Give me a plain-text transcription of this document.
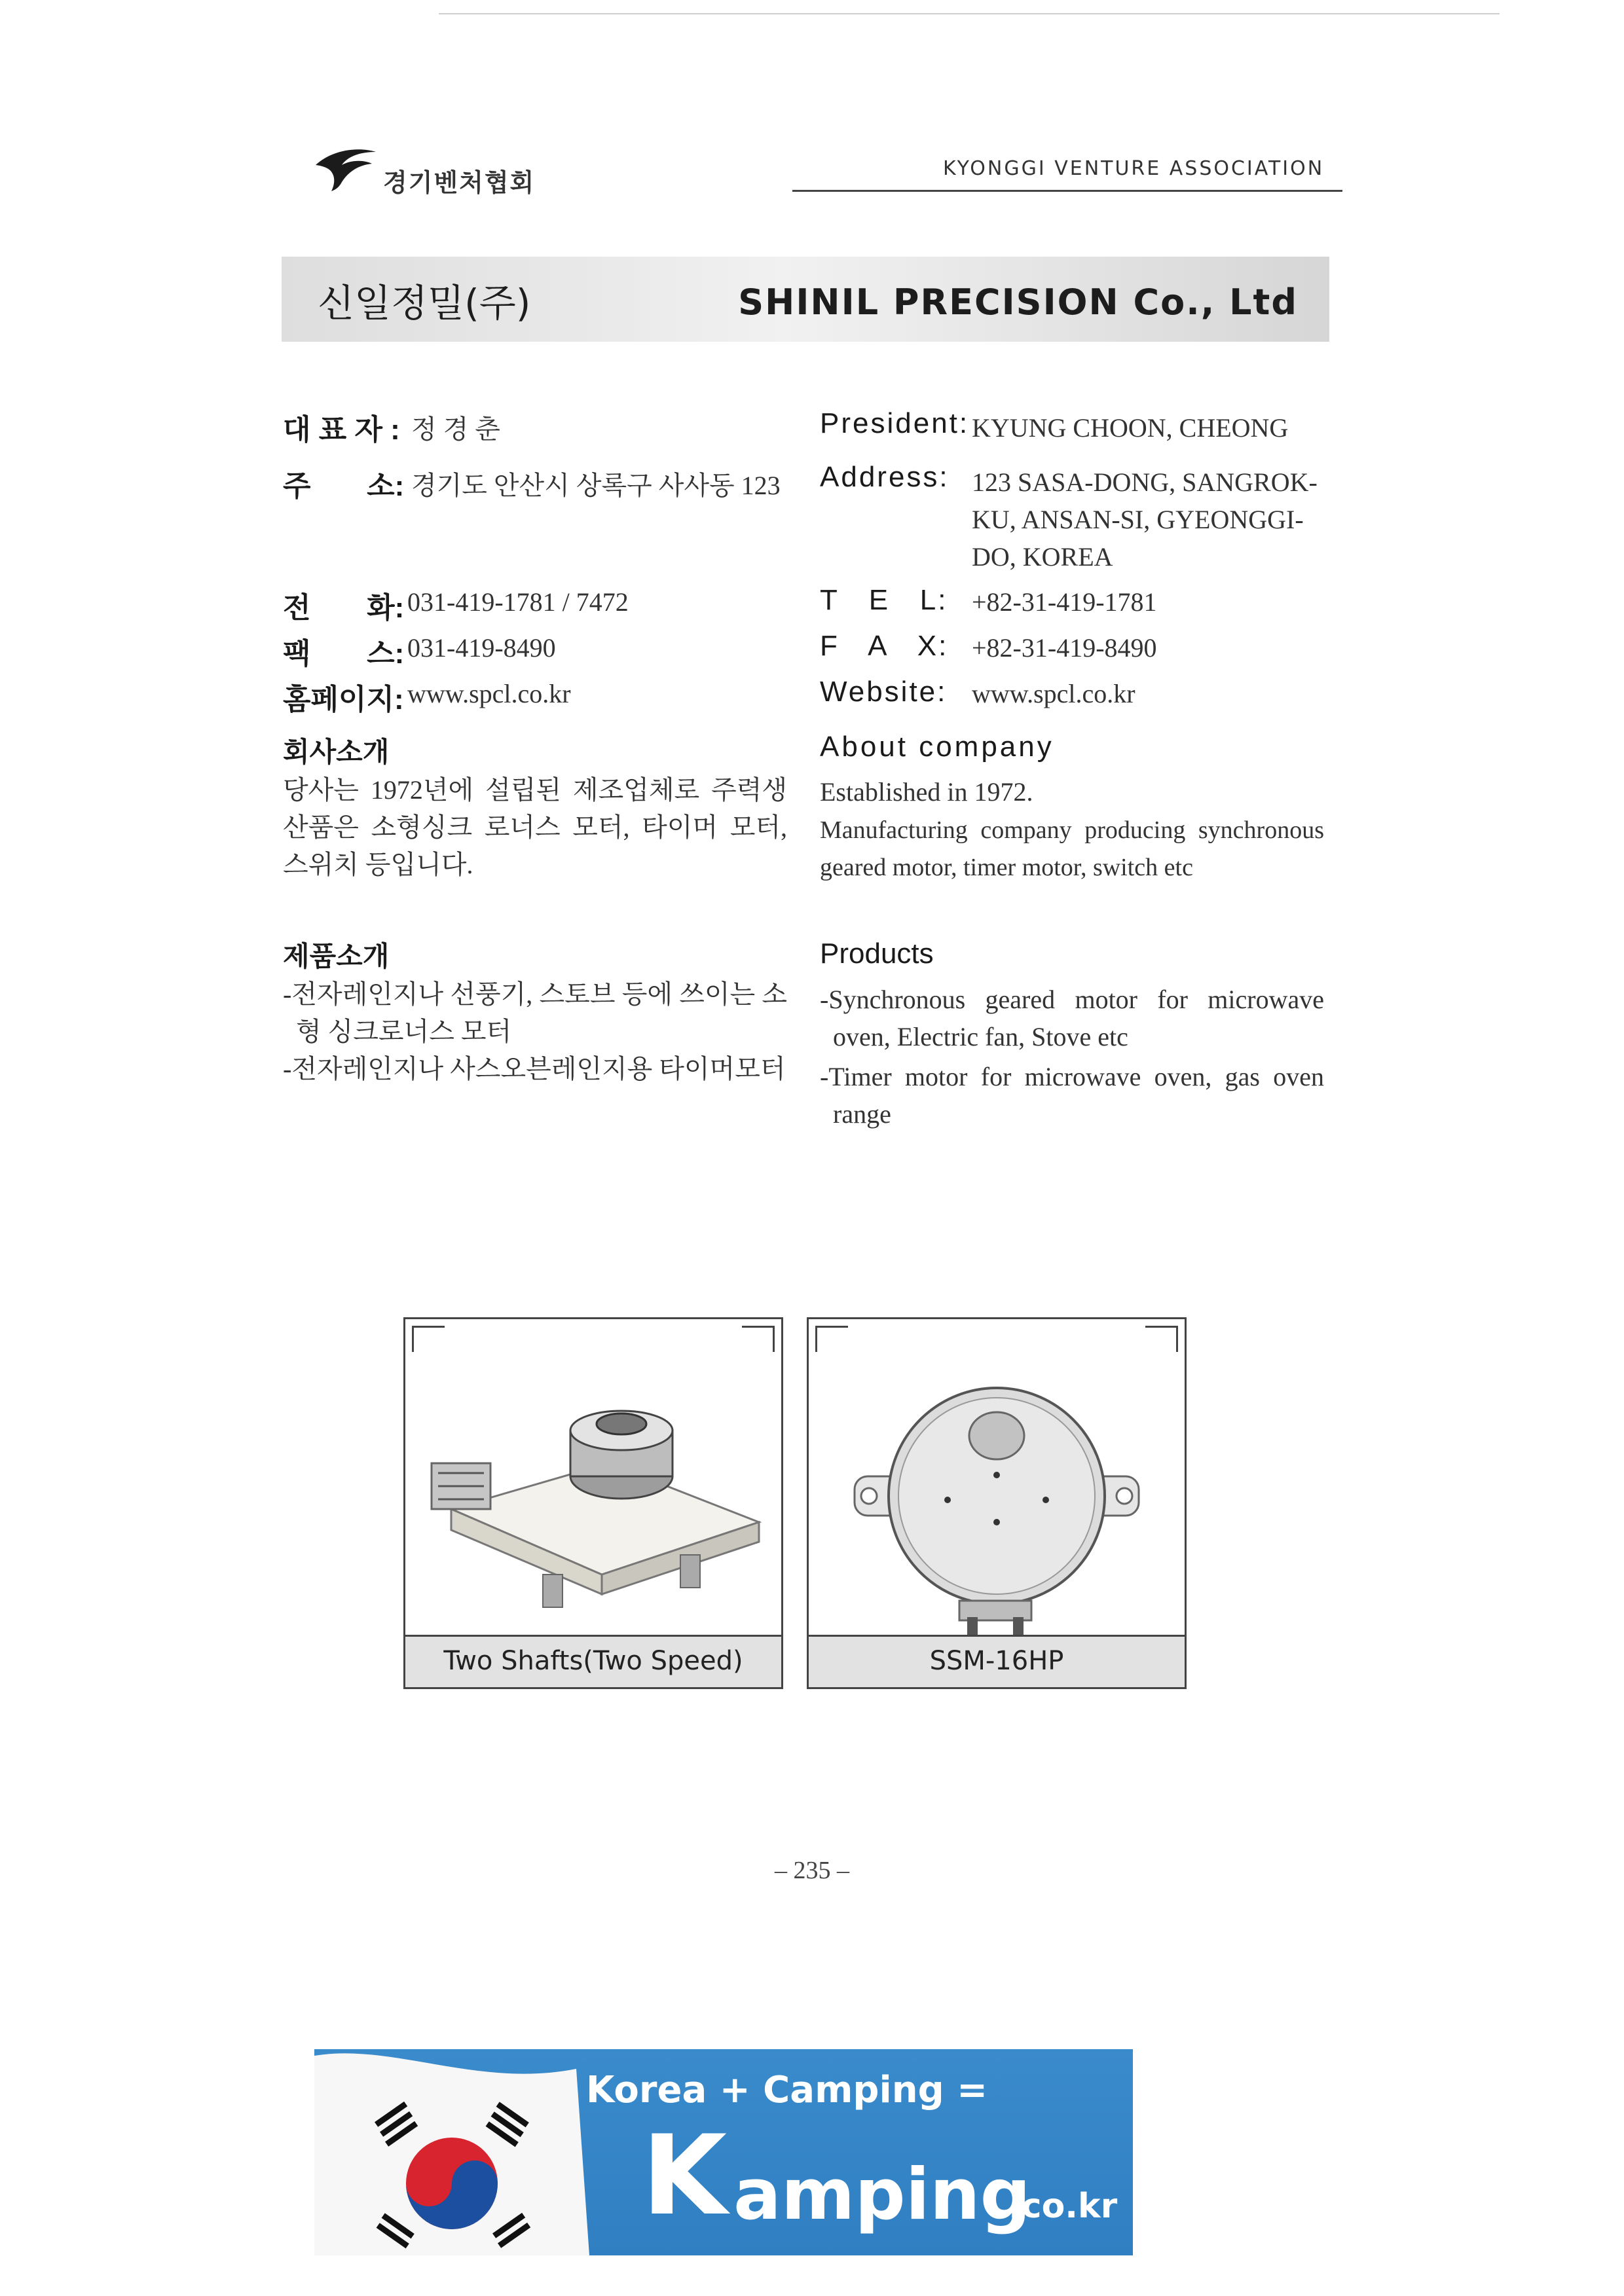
경기벤처협회	KYONGGI VENTURE ASSOCIATION
신일정밀(주)	SHINIL PRECISION Co., Ltd
대 표 자 : 정 경 춘
주       소: 경기도 안산시 상록구 사사동 123
전       화: 031-419-1781 / 7472
팩       스: 031-419-8490
홈페이지: www.spcl.co.kr
회사소개
당사는 1972년에 설립된 제조업체로 주력생산품은 소형싱크 로너스 모터, 타이머 모터, 스위치 등입니다.
제품소개
-전자레인지나 선풍기, 스토브 등에 쓰이는 소형 싱크로너스 모터
-전자레인지나 사스오븐레인지용 타이머모터
President: KYUNG CHOON, CHEONG
Address: 123 SASA-DONG, SANGROK-KU, ANSAN-SI, GYEONGGI-DO, KOREA
T   E   L: +82-31-419-1781
F   A   X: +82-31-419-8490
Website: www.spcl.co.kr
About company
Established in 1972.
Manufacturing company producing synchronous geared motor, timer motor, switch etc
Products
-Synchronous geared motor for microwave oven, Electric fan, Stove etc
-Timer motor for microwave oven, gas oven range
Two Shafts(Two Speed)	SSM-16HP
– 235 –
Korea + Camping =
K amping
.co.kr
